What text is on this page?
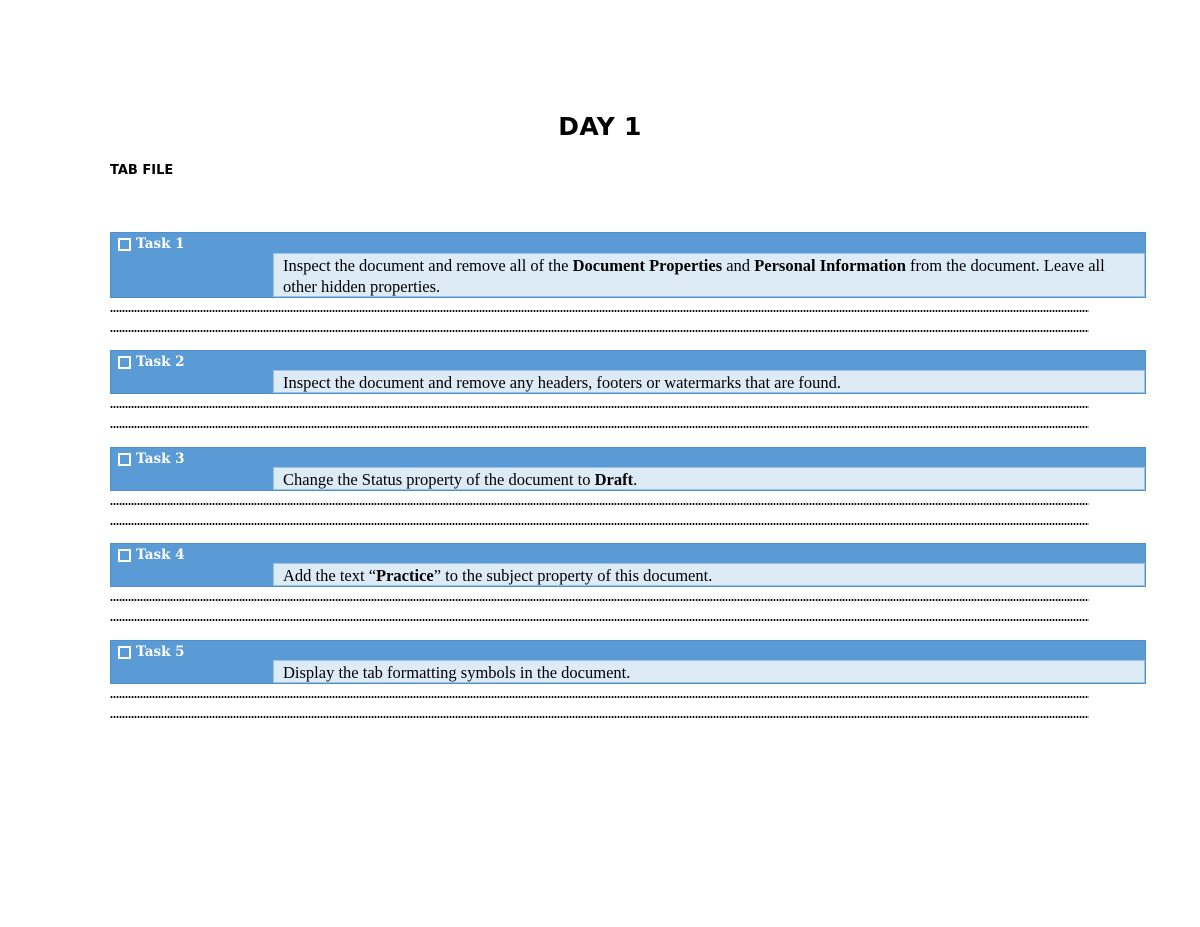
DAY 1
TAB FILE
Task 1
Inspect the document and remove all of the Document Properties and Personal Information from the document. Leave all other hidden properties.
Task 2
Inspect the document and remove any headers, footers or watermarks that are found.
Task 3
Change the Status property of the document to Draft.
Task 4
Add the text “Practice” to the subject property of this document.
Task 5
Display the tab formatting symbols in the document.
